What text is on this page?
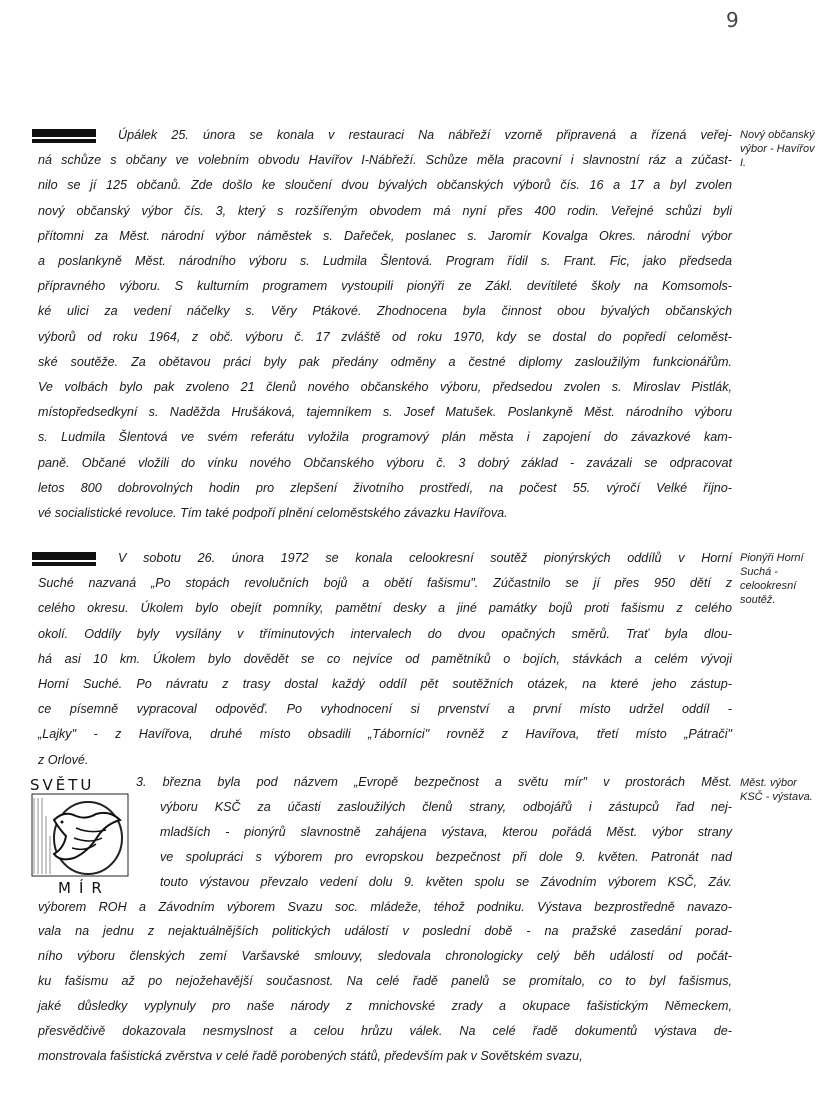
9
Nový občanský výbor - Havířov I.
Pionýři Horní Suchá - celookresní soutěž.
Měst. výbor KSČ - výstava.
SVĚTU
MÍR
Úpálek 25. února se konala v restauraci Na nábřeží vzorně připravená a řízená veřej-
ná schůze s občany ve volebním obvodu Havířov I-Nábřeží. Schůze měla pracovní i slavnostní ráz a zúčast-
nilo se jí 125 občanů. Zde došlo ke sloučení dvou bývalých občanských výborů čís. 16 a 17 a byl zvolen
nový občanský výbor čís. 3, který s rozšířeným obvodem má nyní přes 400 rodin. Veřejné schůzi byli
přítomni za Měst. národní výbor náměstek s. Dařeček, poslanec s. Jaromír Kovalga Okres. národní výbor
a poslankyně Měst. národního výboru s. Ludmila Šlentová. Program řídil s. Frant. Fic, jako předseda
přípravného výboru. S kulturním programem vystoupili pionýři ze Zákl. devítileté školy na Komsomols-
ké ulici za vedení náčelky s. Věry Ptákové. Zhodnocena byla činnost obou bývalých občanských
výborů od roku 1964, z obč. výboru č. 17 zvláště od roku 1970, kdy se dostal do popředí celoměst-
ské soutěže. Za obětavou práci byly pak předány odměny a čestné diplomy zasloužilým funkcionářům.
Ve volbách bylo pak zvoleno 21 členů nového občanského výboru, předsedou zvolen s. Miroslav Pistlák,
místopředsedkyní s. Naděžda Hrušáková, tajemníkem s. Josef Matušek. Poslankyně Měst. národního výboru
s. Ludmila Šlentová ve svém referátu vyložila programový plán města i zapojení do závazkové kam-
paně. Občané vložili do vínku nového Občanského výboru č. 3 dobrý základ - zavázali se odpracovat
letos 800 dobrovolných hodin pro zlepšení životního prostředí, na počest 55. výročí Velké říjno-
vé socialistické revoluce. Tím také podpoří plnění celoměstského závazku Havířova.
V sobotu 26. února 1972 se konala celookresní soutěž pionýrských oddílů v Horní
Suché nazvaná „Po stopách revolučních bojů a obětí fašismu". Zúčastnilo se jí přes 950 dětí z
celého okresu. Úkolem bylo obejít pomníky, pamětní desky a jiné památky bojů proti fašismu z celého
okolí. Oddíly byly vysílány v tříminutových intervalech do dvou opačných směrů. Trať byla dlou-
há asi 10 km. Úkolem bylo dovědět se co nejvíce od pamětníků o bojích, stávkách a celém vývoji
Horní Suché. Po návratu z trasy dostal každý oddíl pět soutěžních otázek, na které jeho zástup-
ce písemně vypracoval odpověď. Po vyhodnocení si prvenství a první místo udržel oddíl -
„Lajky" - z Havířova, druhé místo obsadili „Táborníci" rovněž z Havířova, třetí místo „Pátrači"
z Orlové.
3. března byla pod názvem „Evropě bezpečnost a světu mír" v prostorách Měst.
výboru KSČ za účasti zasloužilých členů strany, odbojářů i zástupců řad nej-
mladších - pionýrů slavnostně zahájena výstava, kterou pořádá Měst. výbor strany
ve spolupráci s výborem pro evropskou bezpečnost při dole 9. květen. Patronát nad
touto výstavou převzalo vedení dolu 9. květen spolu se Závodním výborem KSČ, Záv.
výborem ROH a Závodním výborem Svazu soc. mládeže, téhož podniku. Výstava bezprostředně navazo-
vala na jednu z nejaktuálnějších politických událostí v poslední době - na pražské zasedání porad-
ního výboru členských zemí Varšavské smlouvy, sledovala chronologicky celý běh událostí od počát-
ku fašismu až po nejožehavější současnost. Na celé řadě panelů se promítalo, co to byl fašismus,
jaké důsledky vyplynuly pro naše národy z mnichovské zrady a okupace fašistickým Německem,
přesvědčivě dokazovala nesmyslnost a celou hrůzu válek. Na celé řadě dokumentů výstava de-
monstrovala fašistická zvěrstva v celé řadě porobených států, především pak v Sovětském svazu,
